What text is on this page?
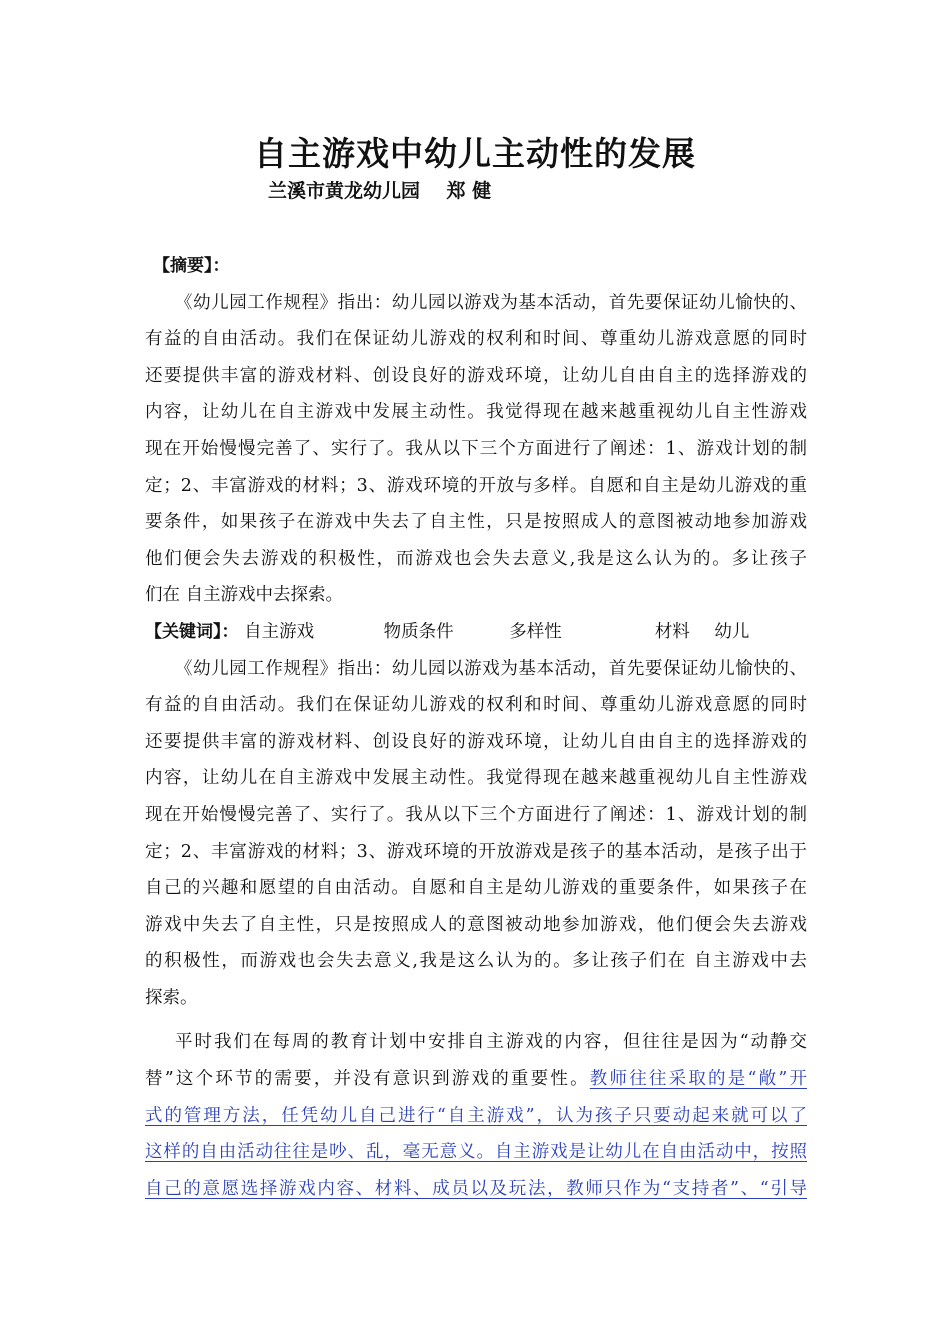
自主游戏中幼儿主动性的发展
兰溪市黄龙幼儿园    郑 健
【摘要】：
《幼儿园工作规程》指出：幼儿园以游戏为基本活动，首先要保证幼儿愉快的、
有益的自由活动。我们在保证幼儿游戏的权利和时间、尊重幼儿游戏意愿的同时
还要提供丰富的游戏材料、创设良好的游戏环境，让幼儿自由自主的选择游戏的
内容，让幼儿在自主游戏中发展主动性。我觉得现在越来越重视幼儿自主性游戏
现在开始慢慢完善了、实行了。我从以下三个方面进行了阐述：1、游戏计划的制
定；2、丰富游戏的材料；3、游戏环境的开放与多样。自愿和自主是幼儿游戏的重
要条件，如果孩子在游戏中失去了自主性，只是按照成人的意图被动地参加游戏
他们便会失去游戏的积极性，而游戏也会失去意义,我是这么认为的。多让孩子
们在 自主游戏中去探索。
【关键词】： 自主游戏	物质条件	多样性	材料 幼儿
《幼儿园工作规程》指出：幼儿园以游戏为基本活动，首先要保证幼儿愉快的、
有益的自由活动。我们在保证幼儿游戏的权利和时间、尊重幼儿游戏意愿的同时
还要提供丰富的游戏材料、创设良好的游戏环境，让幼儿自由自主的选择游戏的
内容，让幼儿在自主游戏中发展主动性。我觉得现在越来越重视幼儿自主性游戏
现在开始慢慢完善了、实行了。我从以下三个方面进行了阐述：1、游戏计划的制
定；2、丰富游戏的材料；3、游戏环境的开放游戏是孩子的基本活动，是孩子出于
自己的兴趣和愿望的自由活动。自愿和自主是幼儿游戏的重要条件，如果孩子在
游戏中失去了自主性，只是按照成人的意图被动地参加游戏，他们便会失去游戏
的积极性，而游戏也会失去意义,我是这么认为的。多让孩子们在 自主游戏中去
探索。
平时我们在每周的教育计划中安排自主游戏的内容，但往往是因为“动静交
替”这个环节的需要，并没有意识到游戏的重要性。教师往往采取的是“敞”开
式的管理方法，任凭幼儿自己进行“自主游戏”，认为孩子只要动起来就可以了
这样的自由活动往往是吵、乱，毫无意义。自主游戏是让幼儿在自由活动中，按照
自己的意愿选择游戏内容、材料、成员以及玩法，教师只作为“支持者”、“引导
